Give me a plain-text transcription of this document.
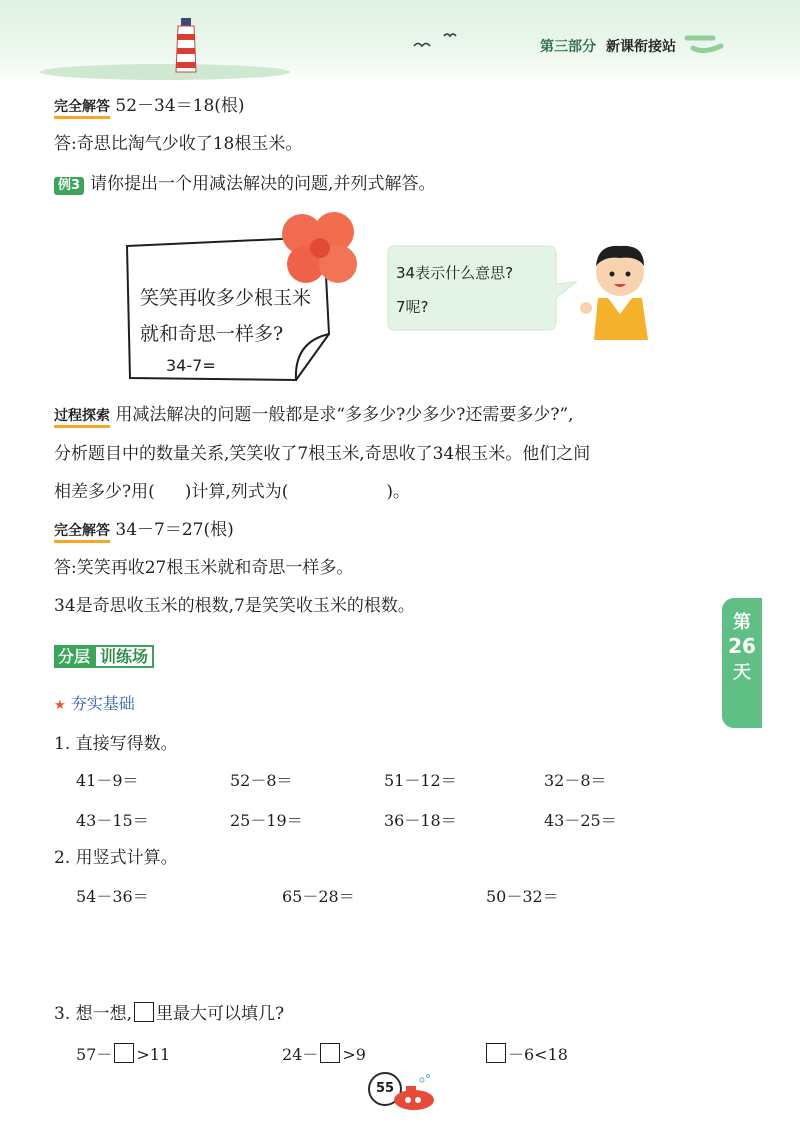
第三部分 新课衔接站
第
26
天
完全解答 52－34＝18(根)
答:奇思比淘气少收了18根玉米。
例3 请你提出一个用减法解决的问题,并列式解答。
笑笑再收多少根玉米
就和奇思一样多?
34-7=
34表示什么意思?
7呢?
过程探索 用减法解决的问题一般都是求“多多少?少多少?还需要多少?”,
分析题目中的数量关系,笑笑收了7根玉米,奇思收了34根玉米。他们之间
相差多少?用( )计算,列式为(	)。
完全解答 34－7＝27(根)
答:笑笑再收27根玉米就和奇思一样多。
34是奇思收玉米的根数,7是笑笑收玉米的根数。
分层 训练场
★ 夯实基础
1. 直接写得数。
41－9＝	52－8＝	51－12＝	32－8＝
43－15＝	25－19＝	36－18＝	43－25＝
2. 用竖式计算。
54－36＝	65－28＝	50－32＝
3. 想一想, 里最大可以填几?
57－ >11	24－ >9	－6<18
55
